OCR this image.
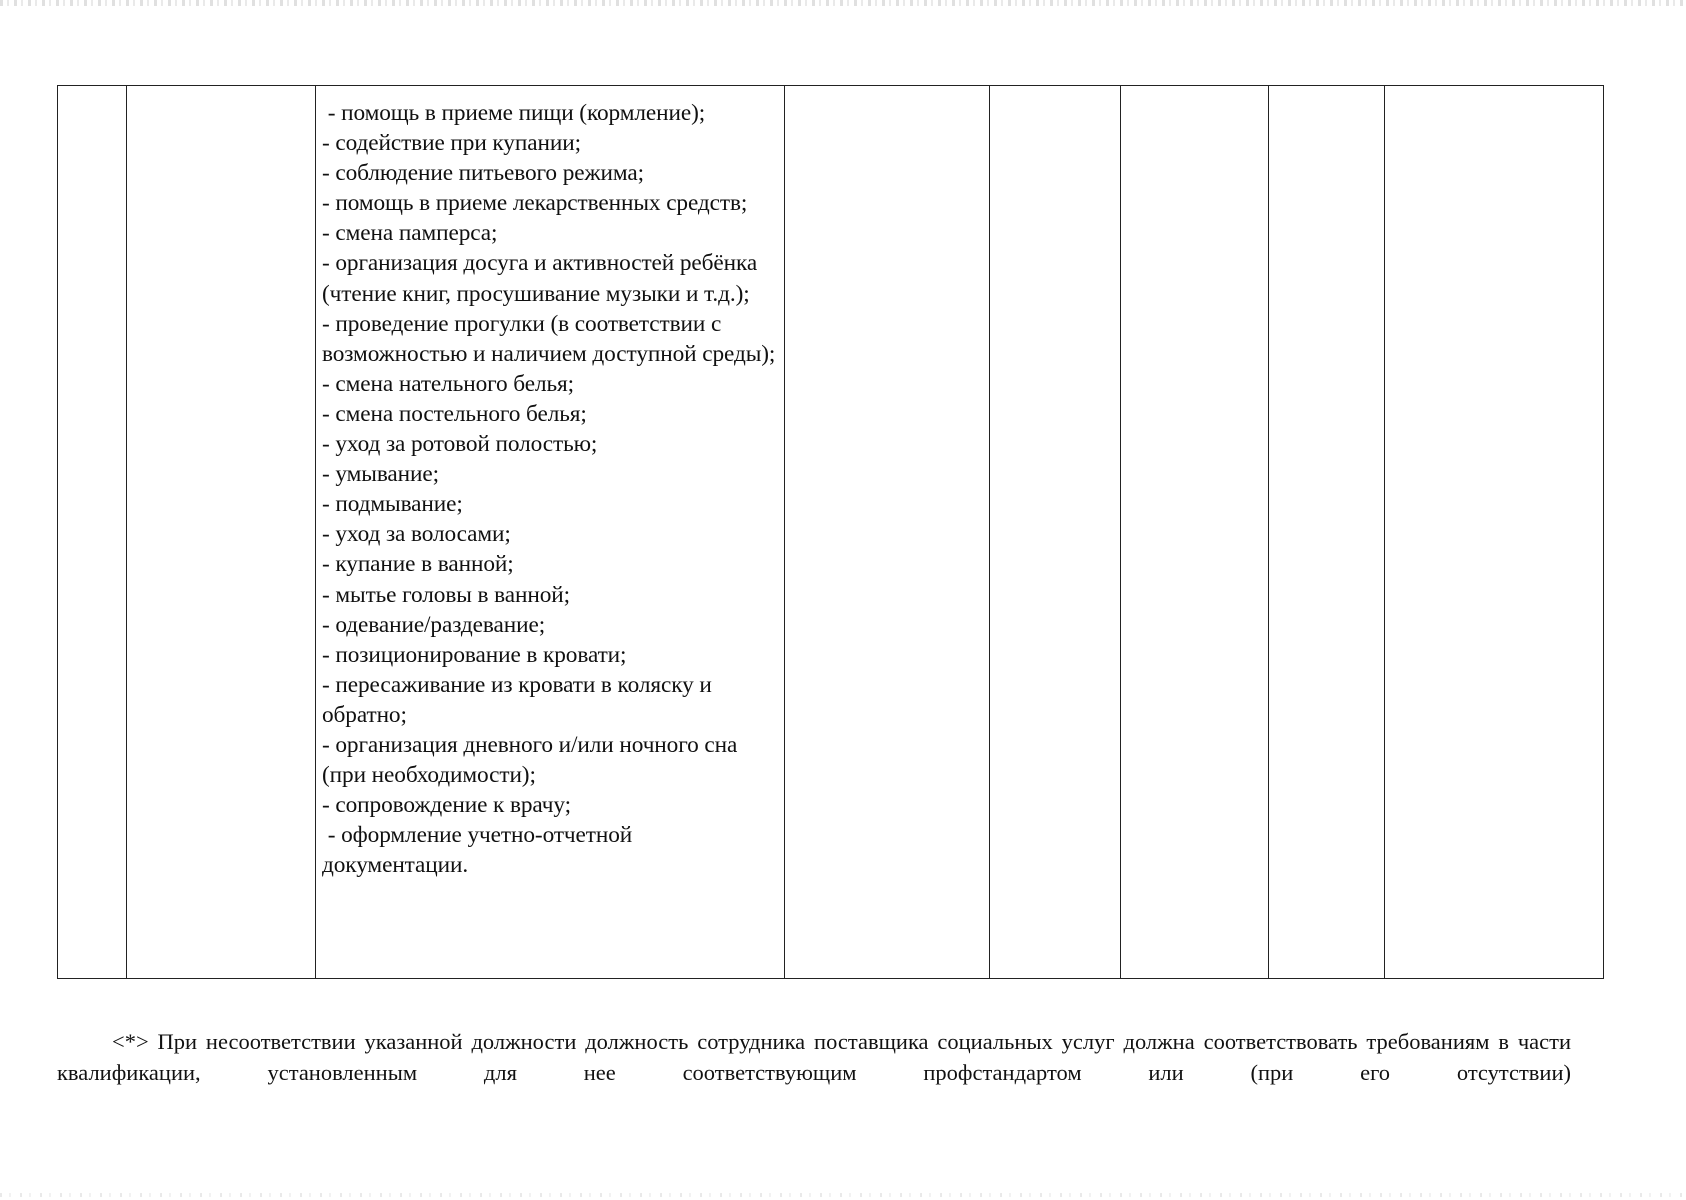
- помощь в приеме пищи (кормление);
- содействие при купании;
- соблюдение питьевого режима;
- помощь в приеме лекарственных средств;
- смена памперса;
- организация досуга и активностей ребёнка (чтение книг, просушивание музыки и т.д.);
- проведение прогулки (в соответствии с возможностью и наличием доступной среды);
- смена нательного белья;
- смена постельного белья;
- уход за ротовой полостью;
- умывание;
- подмывание;
- уход за волосами;
- купание в ванной;
- мытье головы в ванной;
- одевание/раздевание;
- позиционирование в кровати;
- пересаживание из кровати в коляску и обратно;
- организация дневного и/или ночного сна (при необходимости);
- сопровождение к врачу;
- оформление учетно-отчетной документации.

<*> При несоответствии указанной должности должность сотрудника поставщика социальных услуг должна соответствовать требованиям в части квалификации, установленным для нее соответствующим профстандартом или (при его отсутствии)
